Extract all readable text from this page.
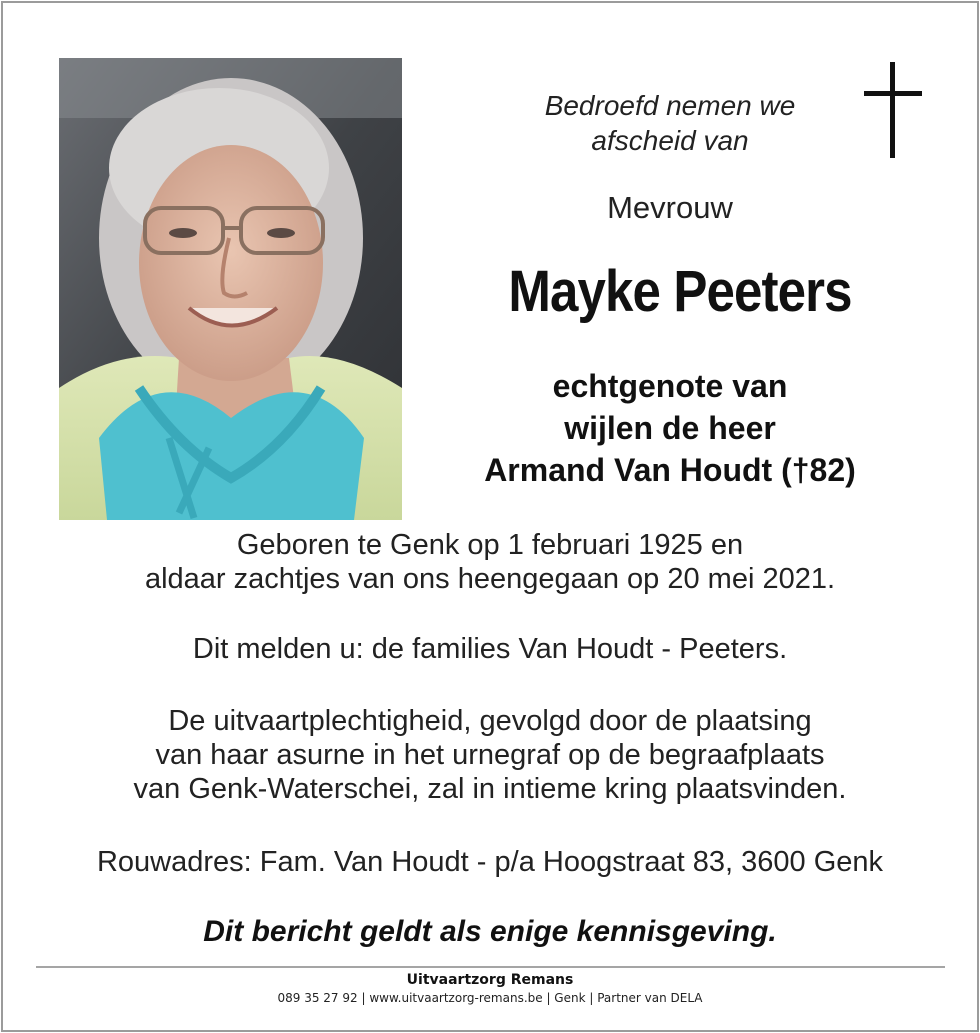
Bedroefd nemen we
afscheid van
Mevrouw
Mayke Peeters
echtgenote van
wijlen de heer
Armand Van Houdt (†82)
Geboren te Genk op 1 februari 1925 en
aldaar zachtjes van ons heengegaan op 20 mei 2021.
Dit melden u: de families Van Houdt - Peeters.
De uitvaartplechtigheid, gevolgd door de plaatsing
van haar asurne in het urnegraf op de begraafplaats
van Genk-Waterschei, zal in intieme kring plaatsvinden.
Rouwadres: Fam. Van Houdt - p/a Hoogstraat 83, 3600 Genk
Dit bericht geldt als enige kennisgeving.
Uitvaartzorg Remans
089 35 27 92 | www.uitvaartzorg-remans.be | Genk | Partner van DELA
